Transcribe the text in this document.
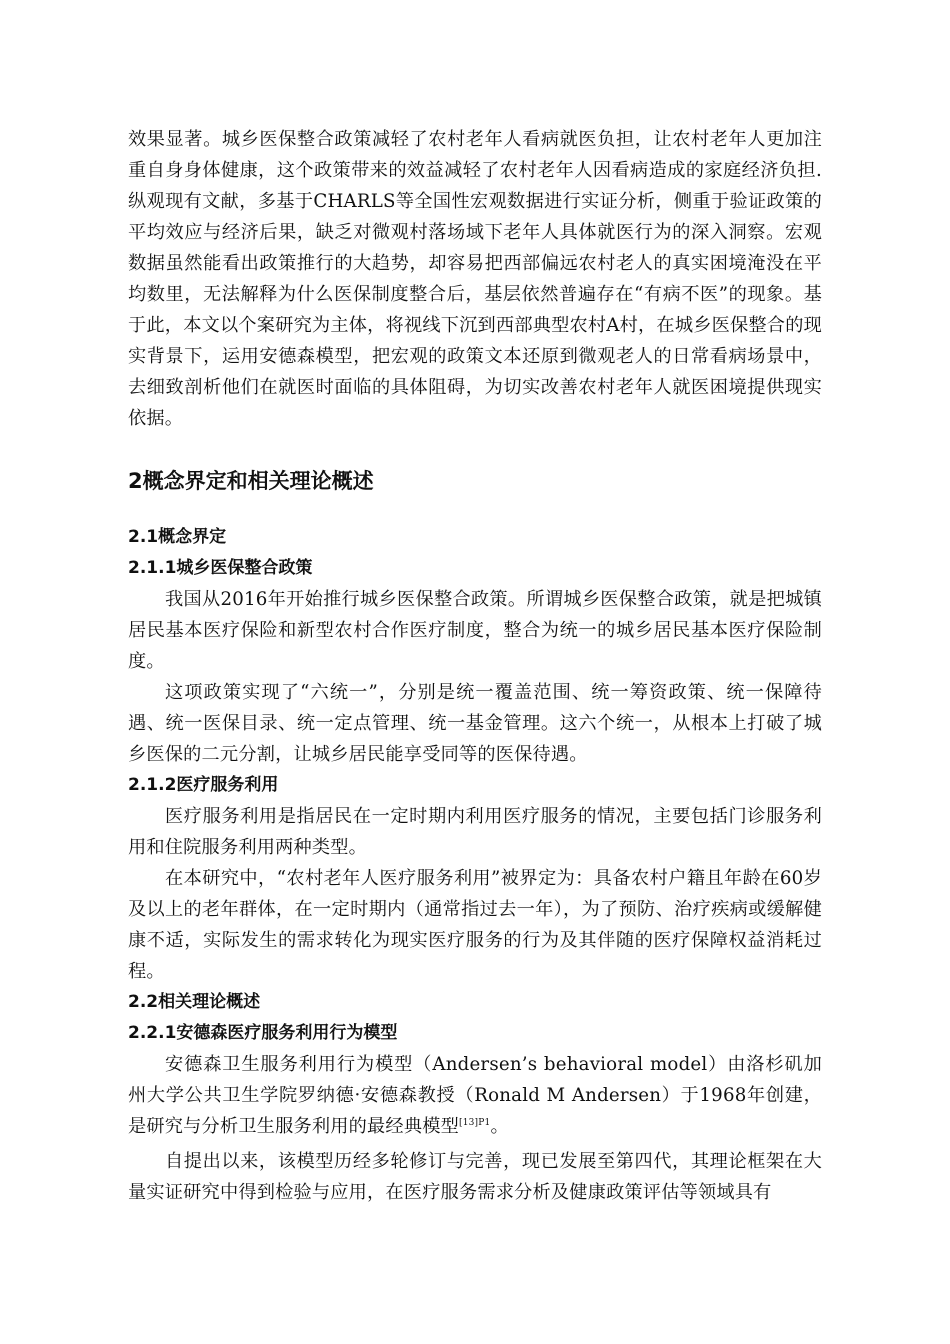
效果显著。城乡医保整合政策减轻了农村老年人看病就医负担，让农村老年人更加注重自身身体健康，这个政策带来的效益减轻了农村老年人因看病造成的家庭经济负担.纵观现有文献，多基于CHARLS等全国性宏观数据进行实证分析，侧重于验证政策的平均效应与经济后果，缺乏对微观村落场域下老年人具体就医行为的深入洞察。宏观数据虽然能看出政策推行的大趋势，却容易把西部偏远农村老人的真实困境淹没在平均数里，无法解释为什么医保制度整合后，基层依然普遍存在“有病不医”的现象。基于此，本文以个案研究为主体，将视线下沉到西部典型农村A村，在城乡医保整合的现实背景下，运用安德森模型，把宏观的政策文本还原到微观老人的日常看病场景中，去细致剖析他们在就医时面临的具体阻碍，为切实改善农村老年人就医困境提供现实依据。

2概念界定和相关理论概述
2.1概念界定
2.1.1城乡医保整合政策

我国从2016年开始推行城乡医保整合政策。所谓城乡医保整合政策，就是把城镇居民基本医疗保险和新型农村合作医疗制度，整合为统一的城乡居民基本医疗保险制度。

这项政策实现了“六统一”，分别是统一覆盖范围、统一筹资政策、统一保障待遇、统一医保目录、统一定点管理、统一基金管理。这六个统一，从根本上打破了城乡医保的二元分割，让城乡居民能享受同等的医保待遇。

2.1.2医疗服务利用

医疗服务利用是指居民在一定时期内利用医疗服务的情况，主要包括门诊服务利用和住院服务利用两种类型。

在本研究中，“农村老年人医疗服务利用”被界定为：具备农村户籍且年龄在60岁及以上的老年群体，在一定时期内（通常指过去一年），为了预防、治疗疾病或缓解健康不适，实际发生的需求转化为现实医疗服务的行为及其伴随的医疗保障权益消耗过程。

2.2相关理论概述
2.2.1安德森医疗服务利用行为模型

安德森卫生服务利用行为模型（Andersen’s behavioral model）由洛杉矶加州大学公共卫生学院罗纳德·安德森教授（Ronald M Andersen）于1968年创建，是研究与分析卫生服务利用的最经典模型$^{[13]P1}$。

自提出以来，该模型历经多轮修订与完善，现已发展至第四代，其理论框架在大量实证研究中得到检验与应用，在医疗服务需求分析及健康政策评估等领域具有
